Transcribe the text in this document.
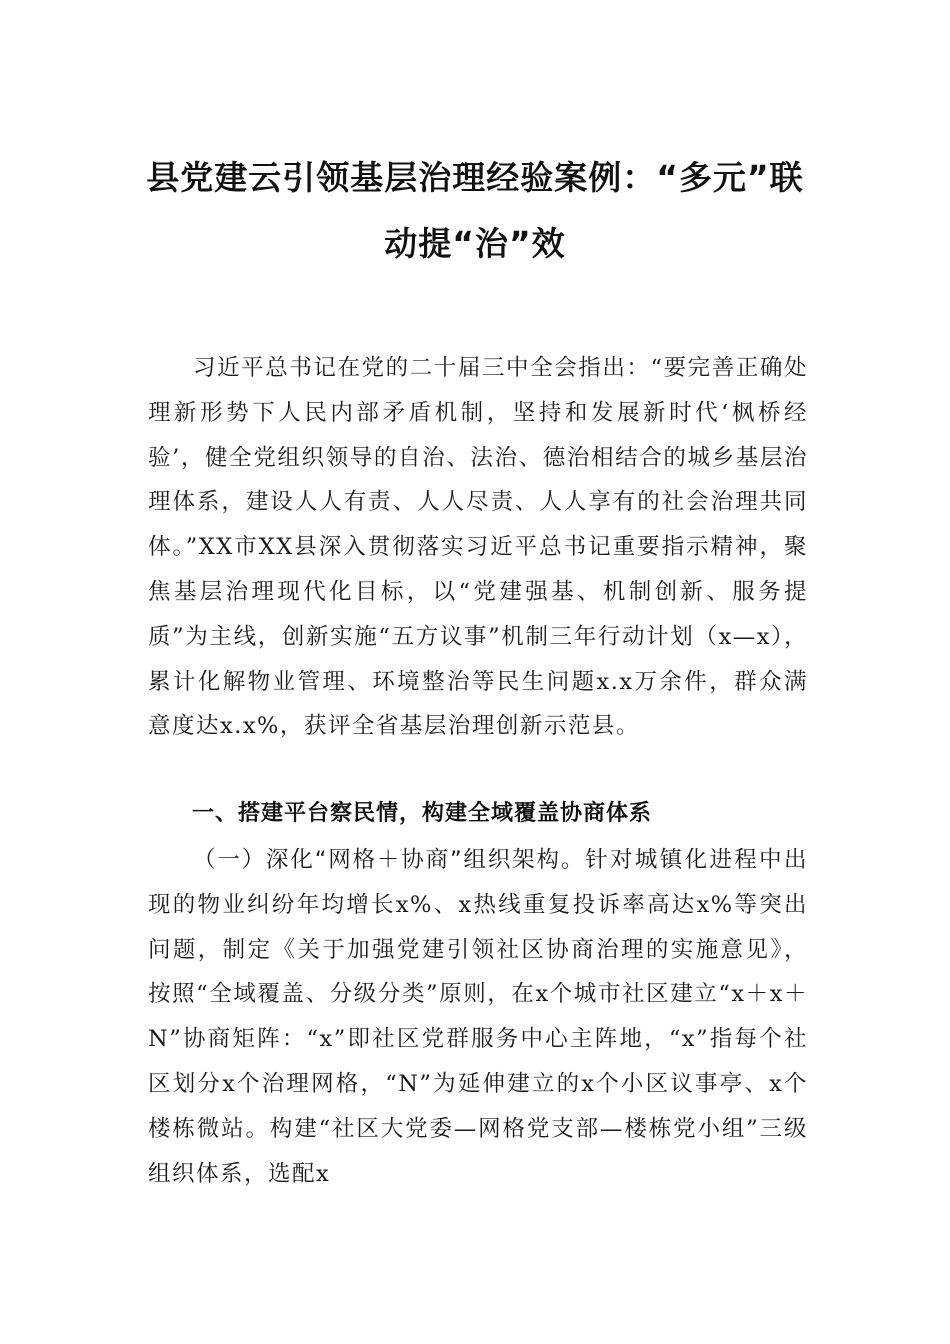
县党建云引领基层治理经验案例：“多元”联动提“治”效

习近平总书记在党的二十届三中全会指出：“要完善正确处理新形势下人民内部矛盾机制，坚持和发展新时代‘枫桥经验’，健全党组织领导的自治、法治、德治相结合的城乡基层治理体系，建设人人有责、人人尽责、人人享有的社会治理共同体。”XX市XX县深入贯彻落实习近平总书记重要指示精神，聚焦基层治理现代化目标，以“党建强基、机制创新、服务提质”为主线，创新实施“五方议事”机制三年行动计划（x—x），累计化解物业管理、环境整治等民生问题x.x万余件，群众满意度达x.x%，获评全省基层治理创新示范县。

一、搭建平台察民情，构建全域覆盖协商体系

（一）深化“网格＋协商”组织架构。针对城镇化进程中出现的物业纠纷年均增长x%、x热线重复投诉率高达x%等突出问题，制定《关于加强党建引领社区协商治理的实施意见》，按照“全域覆盖、分级分类”原则，在x个城市社区建立“x＋x＋N”协商矩阵：“x”即社区党群服务中心主阵地，“x”指每个社区划分x个治理网格，“N”为延伸建立的x个小区议事亭、x个楼栋微站。构建“社区大党委—网格党支部—楼栋党小组”三级组织体系，选配x
